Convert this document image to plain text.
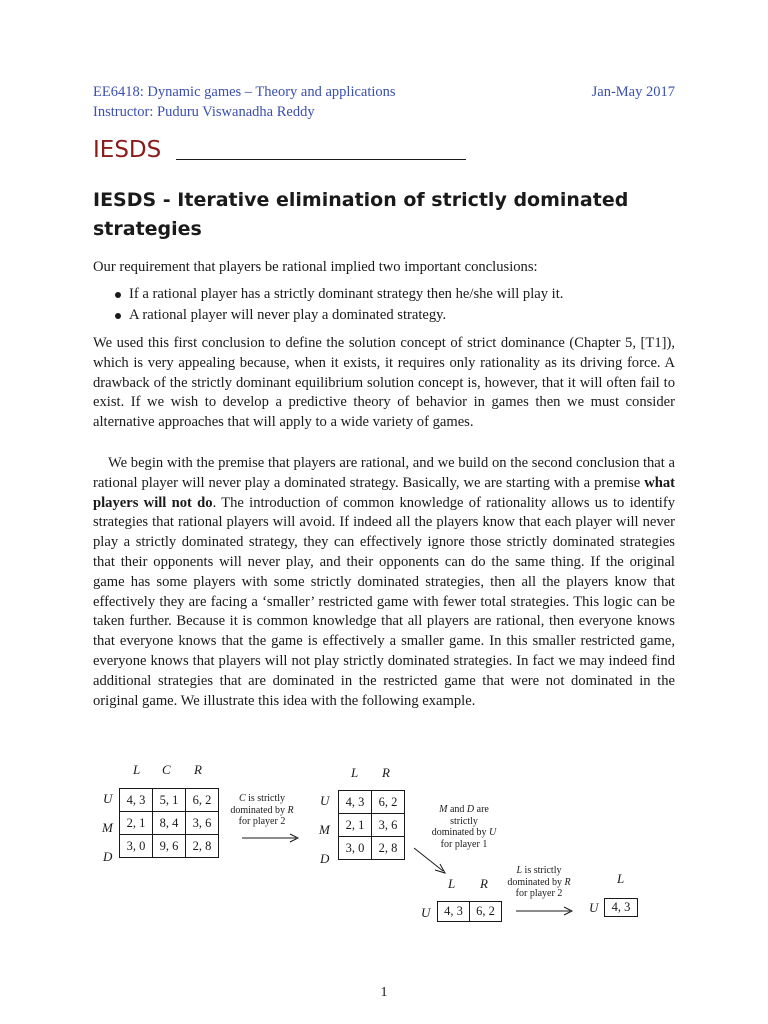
EE6418: Dynamic games – Theory and applications	Jan-May 2017
Instructor: Puduru Viswanadha Reddy
IESDS
IESDS - Iterative elimination of strictly dominated
strategies
Our requirement that players be rational implied two important conclusions:
If a rational player has a strictly dominant strategy then he/she will play it.
A rational player will never play a dominated strategy.
We used this first conclusion to define the solution concept of strict dominance (Chapter 5, [T1]), which is very appealing because, when it exists, it requires only rationality as its driving force. A drawback of the strictly dominant equilibrium solution concept is, however, that it will often fail to exist. If we wish to develop a predictive theory of behavior in games then we must consider alternative approaches that will apply to a wide variety of games.
We begin with the premise that players are rational, and we build on the second conclusion that a rational player will never play a dominated strategy. Basically, we are starting with a premise what players will not do. The introduction of common knowledge of rationality allows us to identify strategies that rational players will avoid. If indeed all the players know that each player will never play a strictly dominated strategy, they can effectively ignore those strictly dominated strategies that their opponents will never play, and their opponents can do the same thing. If the original game has some players with some strictly dominated strategies, then all the players know that effectively they are facing a ‘smaller’ restricted game with fewer total strategies. This logic can be taken further. Because it is common knowledge that all players are rational, then everyone knows that everyone knows that the game is effectively a smaller game. In this smaller restricted game, everyone knows that players will not play strictly dominated strategies. In fact we may indeed find additional strategies that are dominated in the restricted game that were not dominated in the original game. We illustrate this idea with the following example.
L C R
U
M
D
4, 3	5, 1	6, 2
2, 1	8, 4	3, 6
3, 0	9, 6	2, 8
C is strictly
dominated by R
for player 2
L R
U
M
D
4, 3	6, 2
2, 1	3, 6
3, 0	2, 8
M and D are
strictly
dominated by U
for player 1
L R
U 4, 3	6, 2
L is strictly
dominated by R
for player 2
L
U 4, 3
1
